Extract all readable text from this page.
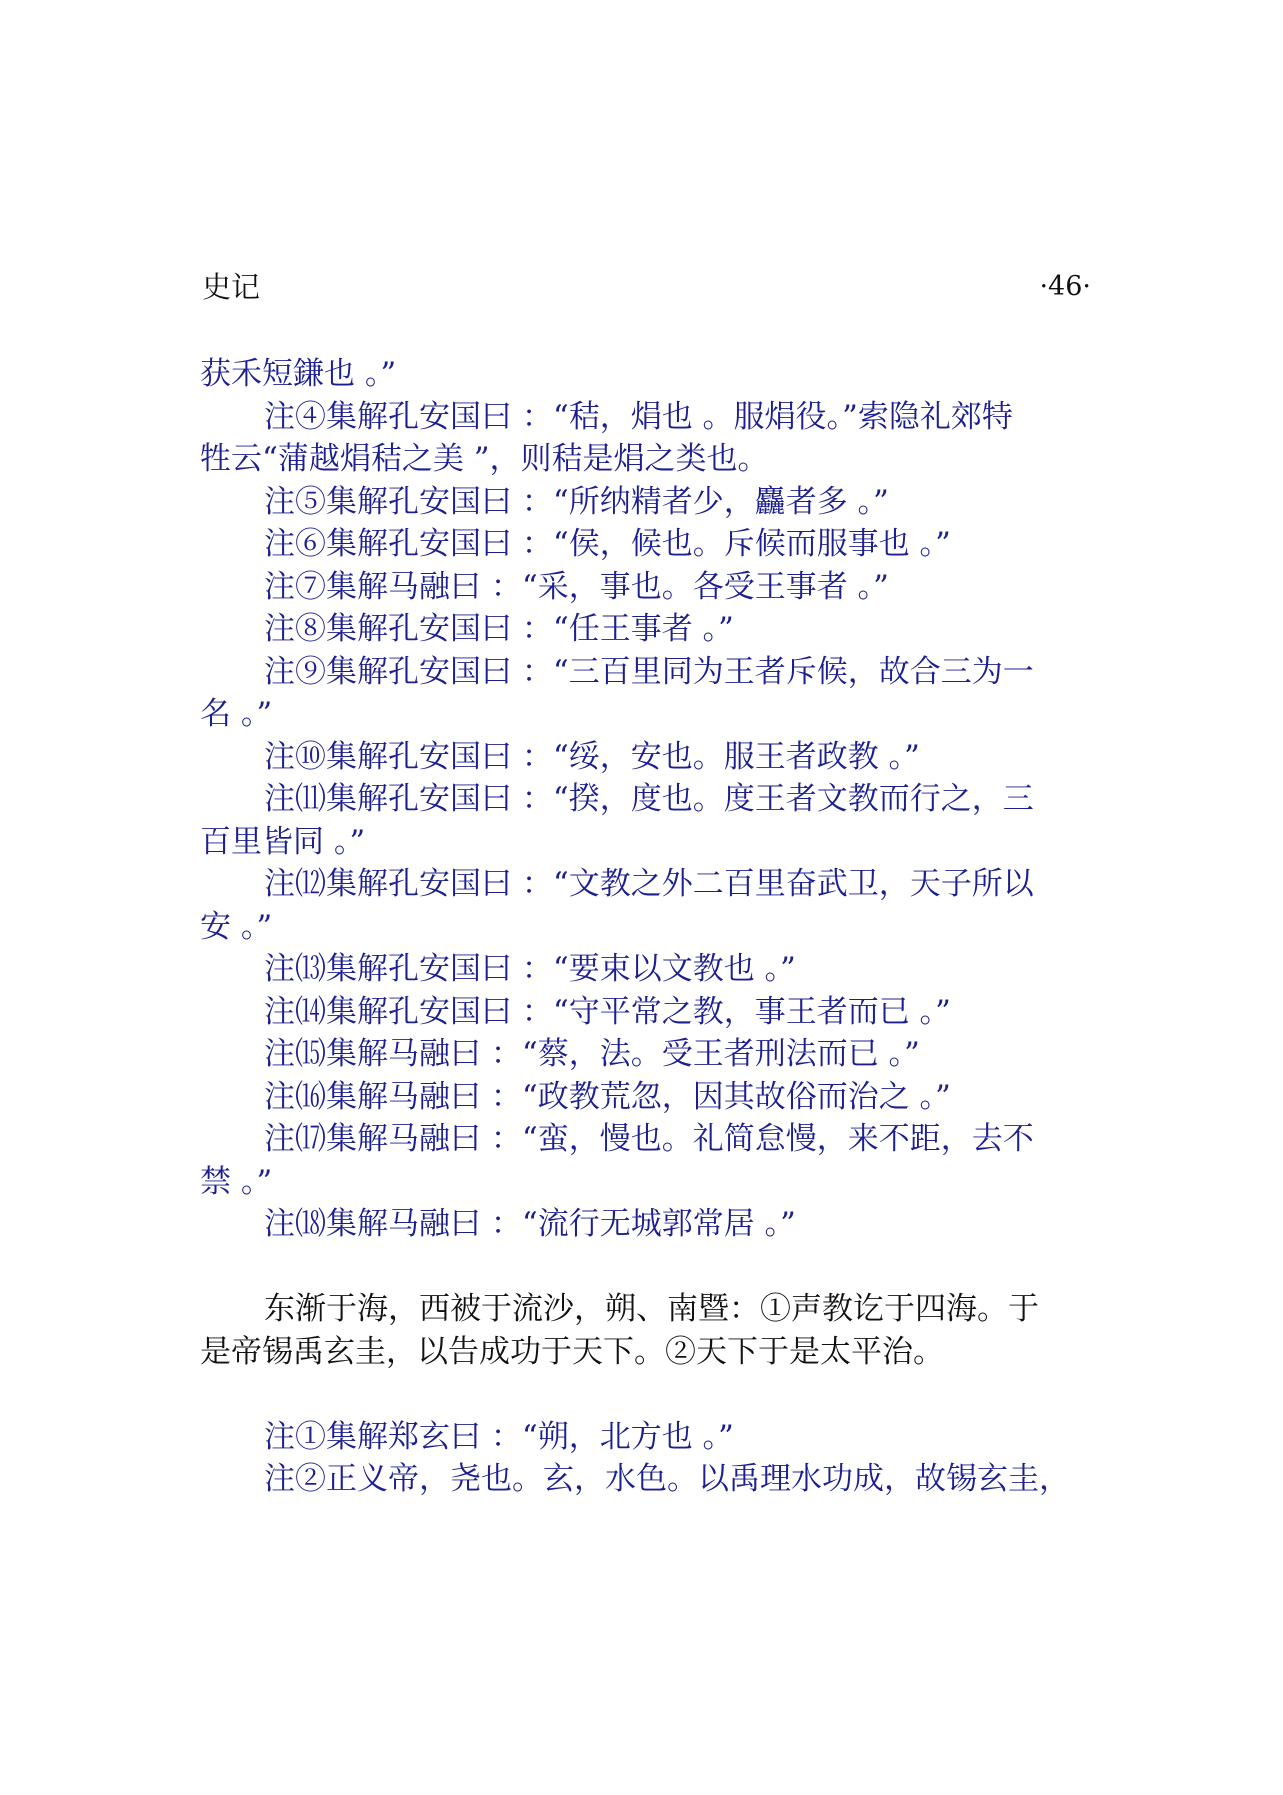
史记	·46·
获禾短鎌也 。”
注④集解孔安国曰 ：“秸，焆也 。服焆役。”索隐礼郊特
牲云“蒲越焆秸之美 ”，则秸是焆之类也。
注⑤集解孔安国曰 ：“所纳精者少，麤者多 。”
注⑥集解孔安国曰 ：“侯，候也。斥候而服事也 。”
注⑦集解马融曰 ：“采，事也。各受王事者 。”
注⑧集解孔安国曰 ：“任王事者 。”
注⑨集解孔安国曰 ：“三百里同为王者斥候，故合三为一
名 。”
注⑩集解孔安国曰 ：“绥，安也。服王者政教 。”
注⑾集解孔安国曰 ：“揆，度也。度王者文教而行之，三
百里皆同 。”
注⑿集解孔安国曰 ：“文教之外二百里奋武卫，天子所以
安 。”
注⒀集解孔安国曰 ：“要束以文教也 。”
注⒁集解孔安国曰 ：“守平常之教，事王者而已 。”
注⒂集解马融曰 ：“蔡，法。受王者刑法而已 。”
注⒃集解马融曰 ：“政教荒忽，因其故俗而治之 。”
注⒄集解马融曰 ：“蛮，慢也。礼简怠慢，来不距，去不
禁 。”
注⒅集解马融曰 ：“流行无城郭常居 。”
东渐于海，西被于流沙，朔、南暨：①声教讫于四海。于
是帝锡禹玄圭，以告成功于天下。②天下于是太平治。
注①集解郑玄曰 ：“朔，北方也 。”
注②正义帝，尧也。玄，水色。以禹理水功成，故锡玄圭，
